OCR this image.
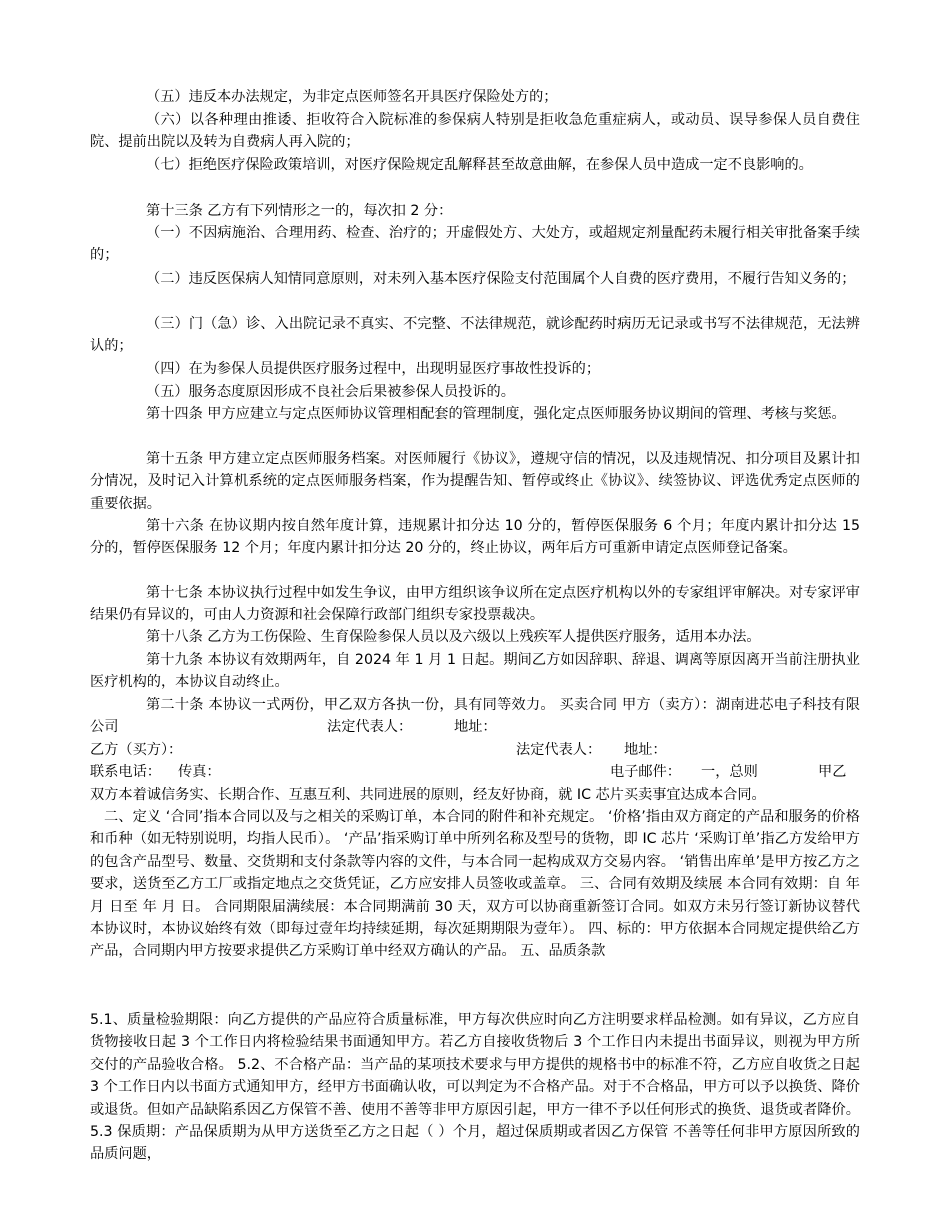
（五）违反本办法规定，为非定点医师签名开具医疗保险处方的；

（六）以各种理由推诿、拒收符合入院标准的参保病人特别是拒收急危重症病人，或动员、误导参保人员自费住院、提前出院以及转为自费病人再入院的；

（七）拒绝医疗保险政策培训，对医疗保险规定乱解释甚至故意曲解，在参保人员中造成一定不良影响的。

第十三条 乙方有下列情形之一的，每次扣 2 分：

（一）不因病施治、合理用药、检查、治疗的；开虚假处方、大处方，或超规定剂量配药未履行相关审批备案手续的；

（二）违反医保病人知情同意原则，对未列入基本医疗保险支付范围属个人自费的医疗费用，不履行告知义务的；

（三）门（急）诊、入出院记录不真实、不完整、不法律规范，就诊配药时病历无记录或书写不法律规范，无法辨认的；

（四）在为参保人员提供医疗服务过程中，出现明显医疗事故性投诉的；

（五）服务态度原因形成不良社会后果被参保人员投诉的。

第十四条 甲方应建立与定点医师协议管理相配套的管理制度，强化定点医师服务协议期间的管理、考核与奖惩。

第十五条 甲方建立定点医师服务档案。对医师履行《协议》，遵规守信的情况，以及违规情况、扣分项目及累计扣分情况，及时记入计算机系统的定点医师服务档案，作为提醒告知、暂停或终止《协议》、续签协议、评选优秀定点医师的重要依据。

第十六条 在协议期内按自然年度计算，违规累计扣分达 10 分的，暂停医保服务 6 个月；年度内累计扣分达 15 分的，暂停医保服务 12 个月；年度内累计扣分达 20 分的，终止协议，两年后方可重新申请定点医师登记备案。

第十七条 本协议执行过程中如发生争议，由甲方组织该争议所在定点医疗机构以外的专家组评审解决。对专家评审结果仍有异议的，可由人力资源和社会保障行政部门组织专家投票裁决。

第十八条 乙方为工伤保险、生育保险参保人员以及六级以上残疾军人提供医疗服务，适用本办法。

第十九条 本协议有效期两年，自 2024 年 1 月 1 日起。期间乙方如因辞职、辞退、调离等原因离开当前注册执业医疗机构的，本协议自动终止。

第二十条 本协议一式两份，甲乙双方各执一份，具有同等效力。 买卖合同 甲方（卖方）：湖南进芯电子科技有限公司	法定代表人：	地址：
乙方（买方）：	法定代表人：	地址：
联系电话：	传真：	电子邮件：	一，总则	甲乙

双方本着诚信务实、长期合作、互惠互利、共同进展的原则，经友好协商，就 IC 芯片买卖事宜达成本合同。

二、定义 ‘合同’指本合同以及与之相关的采购订单，本合同的附件和补充规定。 ‘价格’指由双方商定的产品和服务的价格和币种（如无特别说明，均指人民币）。 ‘产品’指采购订单中所列名称及型号的货物，即 IC 芯片 ‘采购订单’指乙方发给甲方的包含产品型号、数量、交货期和支付条款等内容的文件，与本合同一起构成双方交易内容。 ‘销售出库单’是甲方按乙方之要求，送货至乙方工厂或指定地点之交货凭证，乙方应安排人员签收或盖章。 三、合同有效期及续展 本合同有效期：自 年 月 日至 年 月 日。 合同期限届满续展：本合同期满前 30 天，双方可以协商重新签订合同。如双方未另行签订新协议替代本协议时，本协议始终有效（即每过壹年均持续延期，每次延期期限为壹年）。 四、标的：甲方依据本合同规定提供给乙方产品，合同期内甲方按要求提供乙方采购订单中经双方确认的产品。 五、品质条款

5.1、质量检验期限：向乙方提供的产品应符合质量标准，甲方每次供应时向乙方注明要求样品检测。如有异议，乙方应自货物接收日起 3 个工作日内将检验结果书面通知甲方。若乙方自接收货物后 3 个工作日内未提出书面异议，则视为甲方所交付的产品验收合格。 5.2、不合格产品：当产品的某项技术要求与甲方提供的规格书中的标准不符，乙方应自收货之日起 3 个工作日内以书面方式通知甲方，经甲方书面确认收，可以判定为不合格产品。对于不合格品，甲方可以予以换货、降价或退货。但如产品缺陷系因乙方保管不善、使用不善等非甲方原因引起，甲方一律不予以任何形式的换货、退货或者降价。 5.3 保质期：产品保质期为从甲方送货至乙方之日起（ ）个月，超过保质期或者因乙方保管 不善等任何非甲方原因所致的品质问题，
